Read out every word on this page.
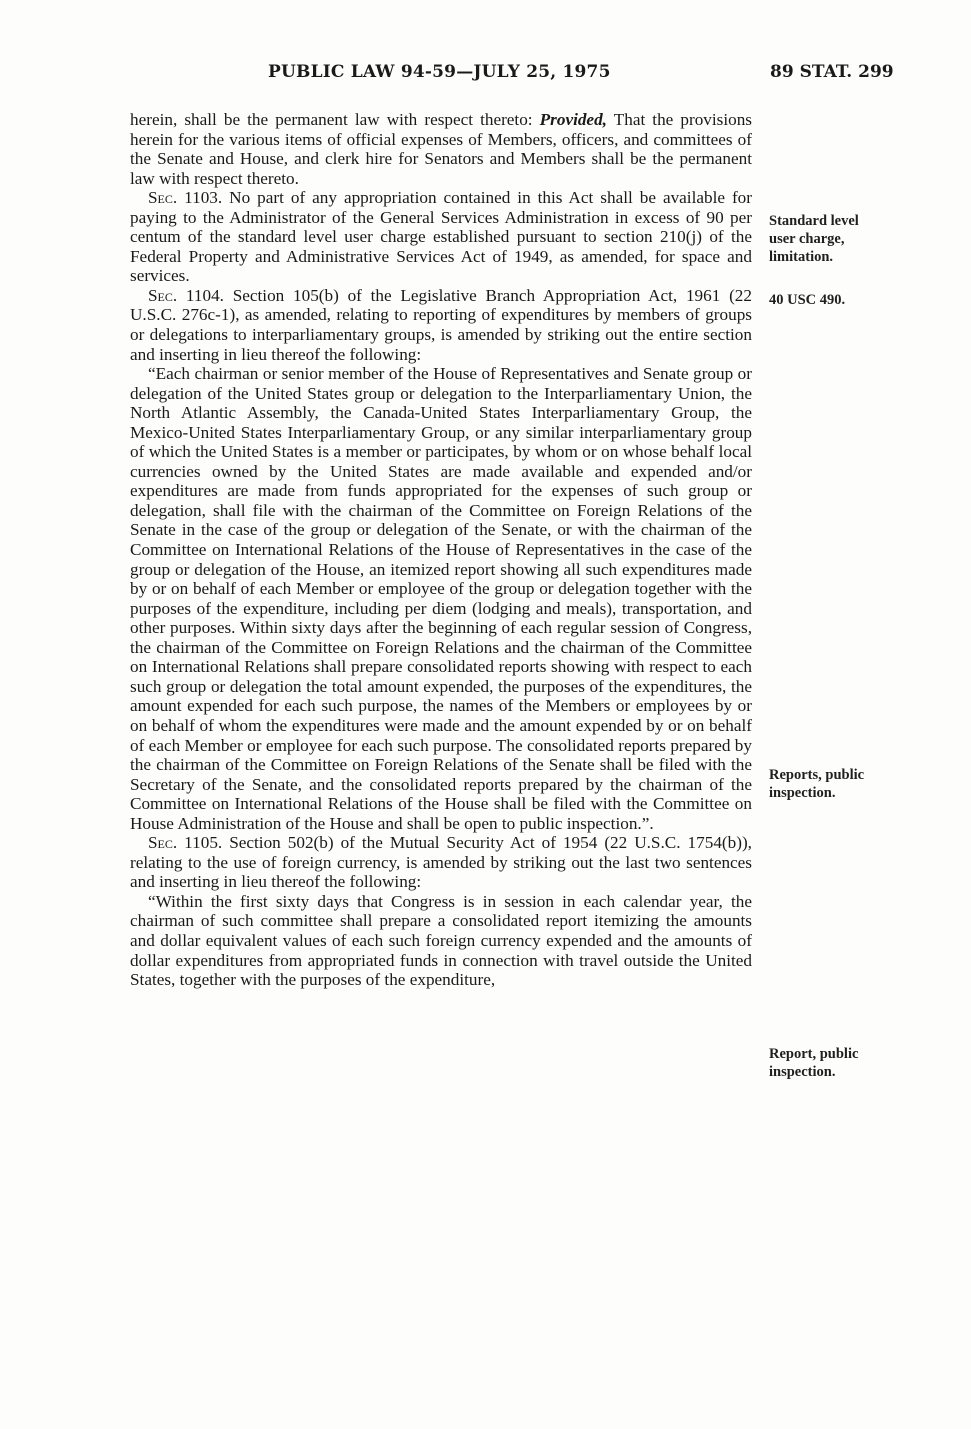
PUBLIC LAW 94-59—JULY 25, 1975	89 STAT. 299

herein, shall be the permanent law with respect thereto: Provided, That the provisions herein for the various items of official expenses of Members, officers, and committees of the Senate and House, and clerk hire for Senators and Members shall be the permanent law with respect thereto.

Sec. 1103. No part of any appropriation contained in this Act shall be available for paying to the Administrator of the General Services Administration in excess of 90 per centum of the standard level user charge established pursuant to section 210(j) of the Federal Property and Administrative Services Act of 1949, as amended, for space and services.

Sec. 1104. Section 105(b) of the Legislative Branch Appropriation Act, 1961 (22 U.S.C. 276c-1), as amended, relating to reporting of expenditures by members of groups or delegations to interparliamentary groups, is amended by striking out the entire section and inserting in lieu thereof the following:

“Each chairman or senior member of the House of Representatives and Senate group or delegation of the United States group or delegation to the Interparliamentary Union, the North Atlantic Assembly, the Canada-United States Interparliamentary Group, the Mexico-United States Interparliamentary Group, or any similar interparliamentary group of which the United States is a member or participates, by whom or on whose behalf local currencies owned by the United States are made available and expended and/or expenditures are made from funds appropriated for the expenses of such group or delegation, shall file with the chairman of the Committee on Foreign Relations of the Senate in the case of the group or delegation of the Senate, or with the chairman of the Committee on International Relations of the House of Representatives in the case of the group or delegation of the House, an itemized report showing all such expenditures made by or on behalf of each Member or employee of the group or delegation together with the purposes of the expenditure, including per diem (lodging and meals), transportation, and other purposes. Within sixty days after the beginning of each regular session of Congress, the chairman of the Committee on Foreign Relations and the chairman of the Committee on International Relations shall prepare consolidated reports showing with respect to each such group or delegation the total amount expended, the purposes of the expenditures, the amount expended for each such purpose, the names of the Members or employees by or on behalf of whom the expenditures were made and the amount expended by or on behalf of each Member or employee for each such purpose. The consolidated reports prepared by the chairman of the Committee on Foreign Relations of the Senate shall be filed with the Secretary of the Senate, and the consolidated reports prepared by the chairman of the Committee on International Relations of the House shall be filed with the Committee on House Administration of the House and shall be open to public inspection.”.

Sec. 1105. Section 502(b) of the Mutual Security Act of 1954 (22 U.S.C. 1754(b)), relating to the use of foreign currency, is amended by striking out the last two sentences and inserting in lieu thereof the following:

“Within the first sixty days that Congress is in session in each calendar year, the chairman of such committee shall prepare a consolidated report itemizing the amounts and dollar equivalent values of each such foreign currency expended and the amounts of dollar expenditures from appropriated funds in connection with travel outside the United States, together with the purposes of the expenditure,

Standard level
user charge,
limitation.
40 USC 490.
Reports, public
inspection.
Report, public
inspection.
